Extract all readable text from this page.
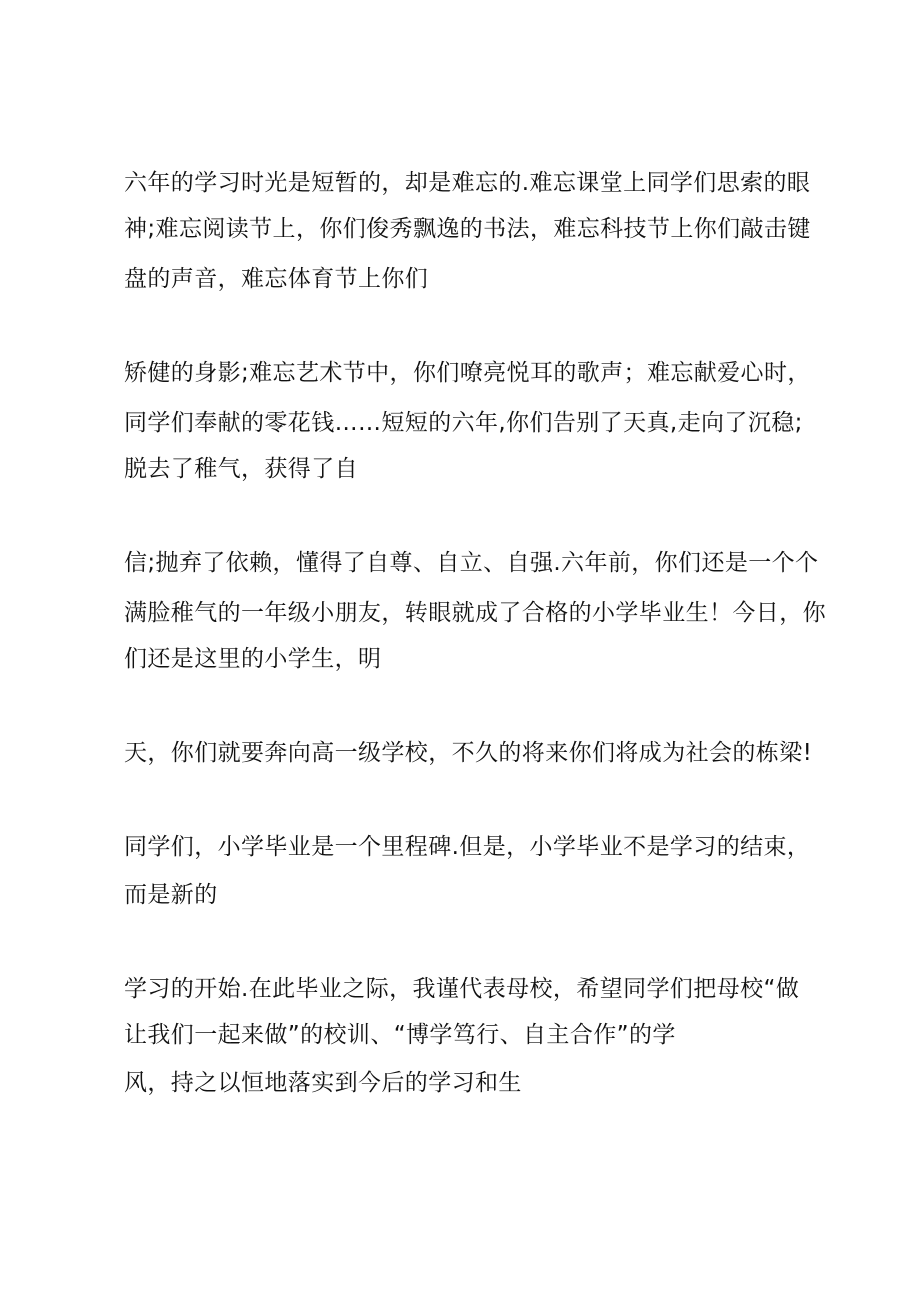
六年的学习时光是短暂的，却是难忘的.难忘课堂上同学们思索的眼
神;难忘阅读节上，你们俊秀飘逸的书法，难忘科技节上你们敲击键
盘的声音，难忘体育节上你们
矫健的身影;难忘艺术节中，你们嘹亮悦耳的歌声；难忘献爱心时，
同学们奉献的零花钱……短短的六年,你们告别了天真,走向了沉稳;
脱去了稚气，获得了自
信;抛弃了依赖，懂得了自尊、自立、自强.六年前，你们还是一个个
满脸稚气的一年级小朋友，转眼就成了合格的小学毕业生！今日，你
们还是这里的小学生，明
天，你们就要奔向高一级学校，不久的将来你们将成为社会的栋梁!
同学们，小学毕业是一个里程碑.但是，小学毕业不是学习的结束，
而是新的
学习的开始.在此毕业之际，我谨代表母校，希望同学们把母校“做
让我们一起来做”的校训、“博学笃行、自主合作”的学
风，持之以恒地落实到今后的学习和生
